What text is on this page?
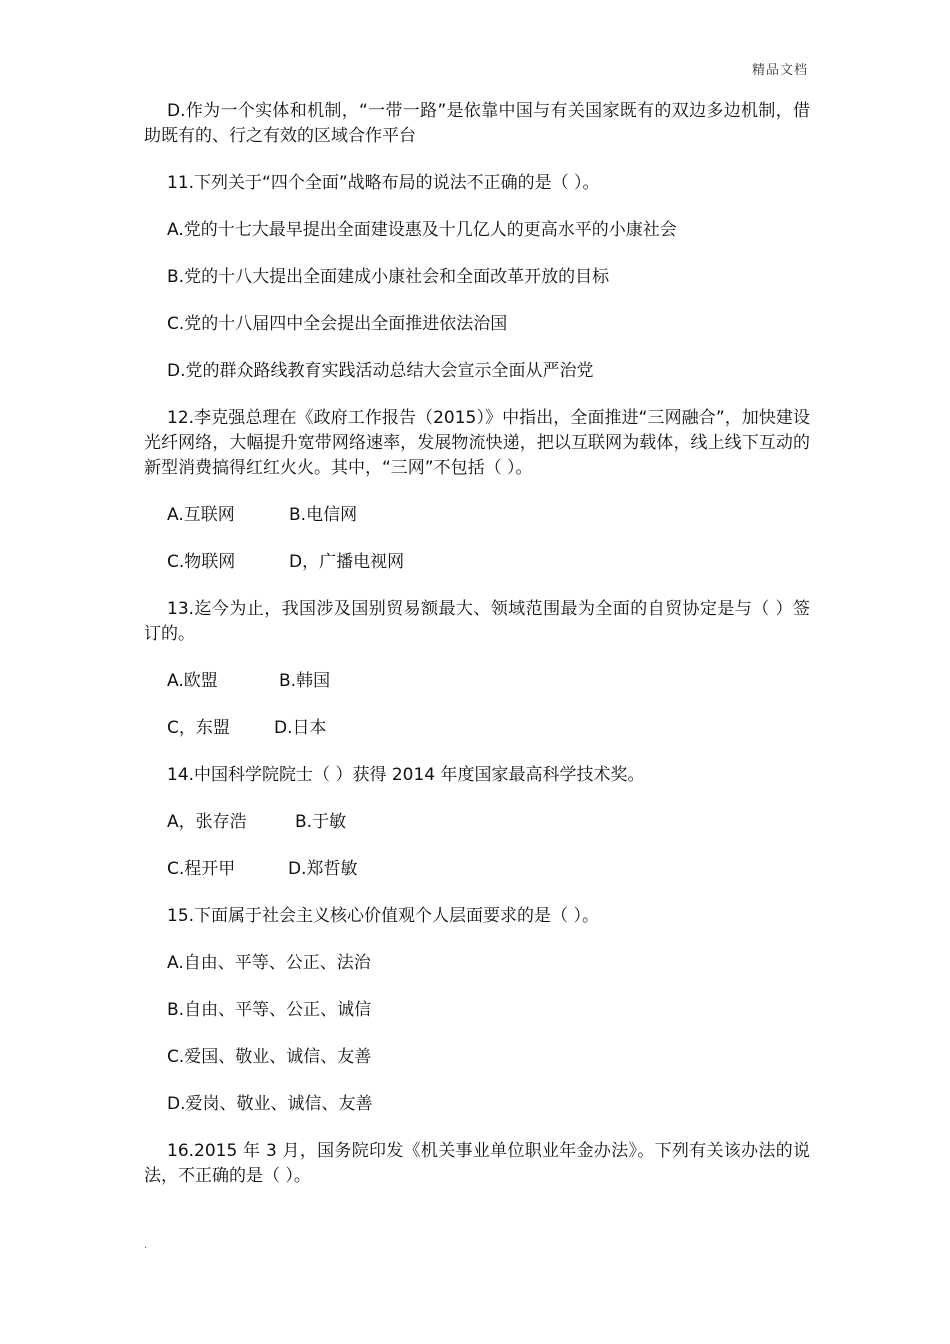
精品文档

D.作为一个实体和机制，“一带一路”是依靠中国与有关国家既有的双边多边机制，借助既有的、行之有效的区域合作平台

11.下列关于“四个全面”战略布局的说法不正确的是（ ）。

A.党的十七大最早提出全面建设惠及十几亿人的更高水平的小康社会

B.党的十八大提出全面建成小康社会和全面改革开放的目标

C.党的十八届四中全会提出全面推进依法治国

D.党的群众路线教育实践活动总结大会宣示全面从严治党

12.李克强总理在《政府工作报告（2015）》中指出，全面推进“三网融合”，加快建设光纤网络，大幅提升宽带网络速率，发展物流快递，把以互联网为载体，线上线下互动的新型消费搞得红红火火。其中，“三网”不包括（ ）。

A.互联网	B.电信网
C.物联网	D，广播电视网

13.迄今为止，我国涉及国别贸易额最大、领域范围最为全面的自贸协定是与（ ）签订的。

A.欧盟	B.韩国
C，东盟	D.日本

14.中国科学院院士（ ）获得 2014 年度国家最高科学技术奖。

A，张存浩	B.于敏
C.程开甲	D.郑哲敏

15.下面属于社会主义核心价值观个人层面要求的是（ ）。

A.自由、平等、公正、法治

B.自由、平等、公正、诚信

C.爱国、敬业、诚信、友善

D.爱岗、敬业、诚信、友善

16.2015 年 3 月，国务院印发《机关事业单位职业年金办法》。下列有关该办法的说法，不正确的是（ ）。

.
